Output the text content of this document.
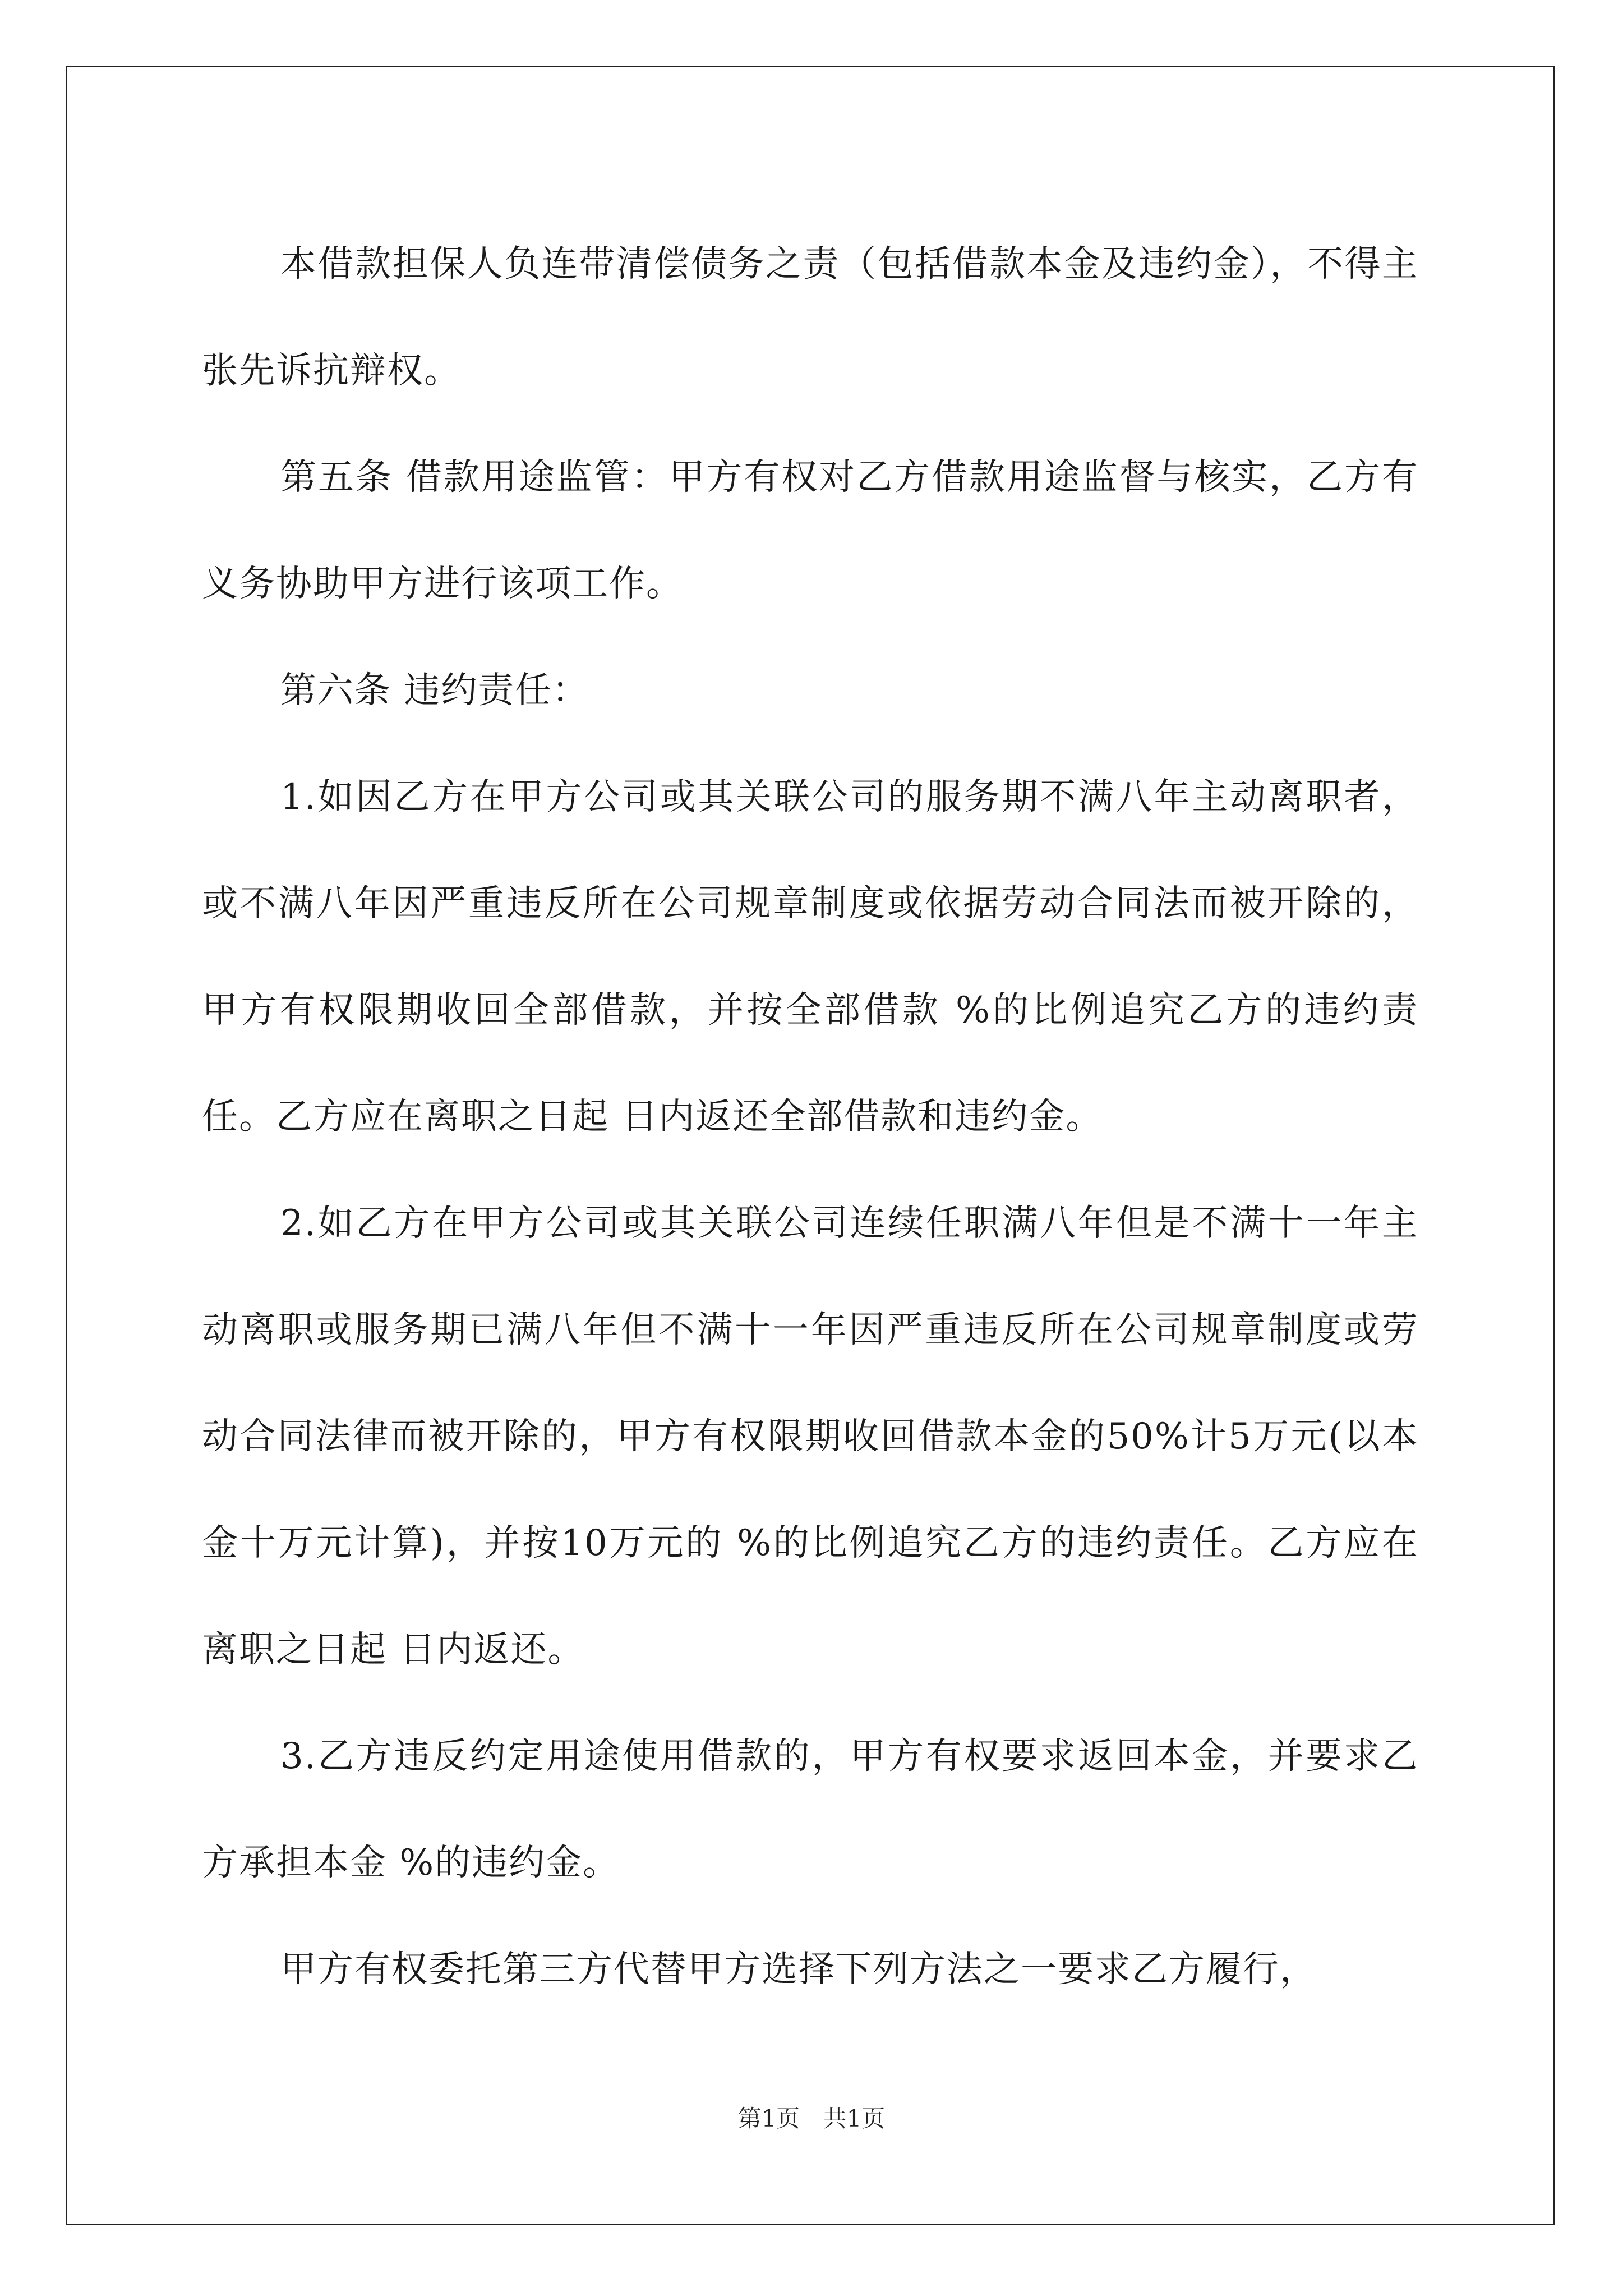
本借款担保人负连带清偿债务之责（包括借款本金及违约金），不得主张先诉抗辩权。

第五条 借款用途监管：甲方有权对乙方借款用途监督与核实，乙方有义务协助甲方进行该项工作。

第六条 违约责任：

1.如因乙方在甲方公司或其关联公司的服务期不满八年主动离职者，或不满八年因严重违反所在公司规章制度或依据劳动合同法而被开除的，甲方有权限期收回全部借款，并按全部借款 %的比例追究乙方的违约责任。乙方应在离职之日起 日内返还全部借款和违约金。

2.如乙方在甲方公司或其关联公司连续任职满八年但是不满十一年主动离职或服务期已满八年但不满十一年因严重违反所在公司规章制度或劳动合同法律而被开除的，甲方有权限期收回借款本金的50%计5万元(以本金十万元计算)，并按10万元的 %的比例追究乙方的违约责任。乙方应在离职之日起 日内返还。

3.乙方违反约定用途使用借款的，甲方有权要求返回本金，并要求乙方承担本金 %的违约金。

甲方有权委托第三方代替甲方选择下列方法之一要求乙方履行，

第1页 共1页
